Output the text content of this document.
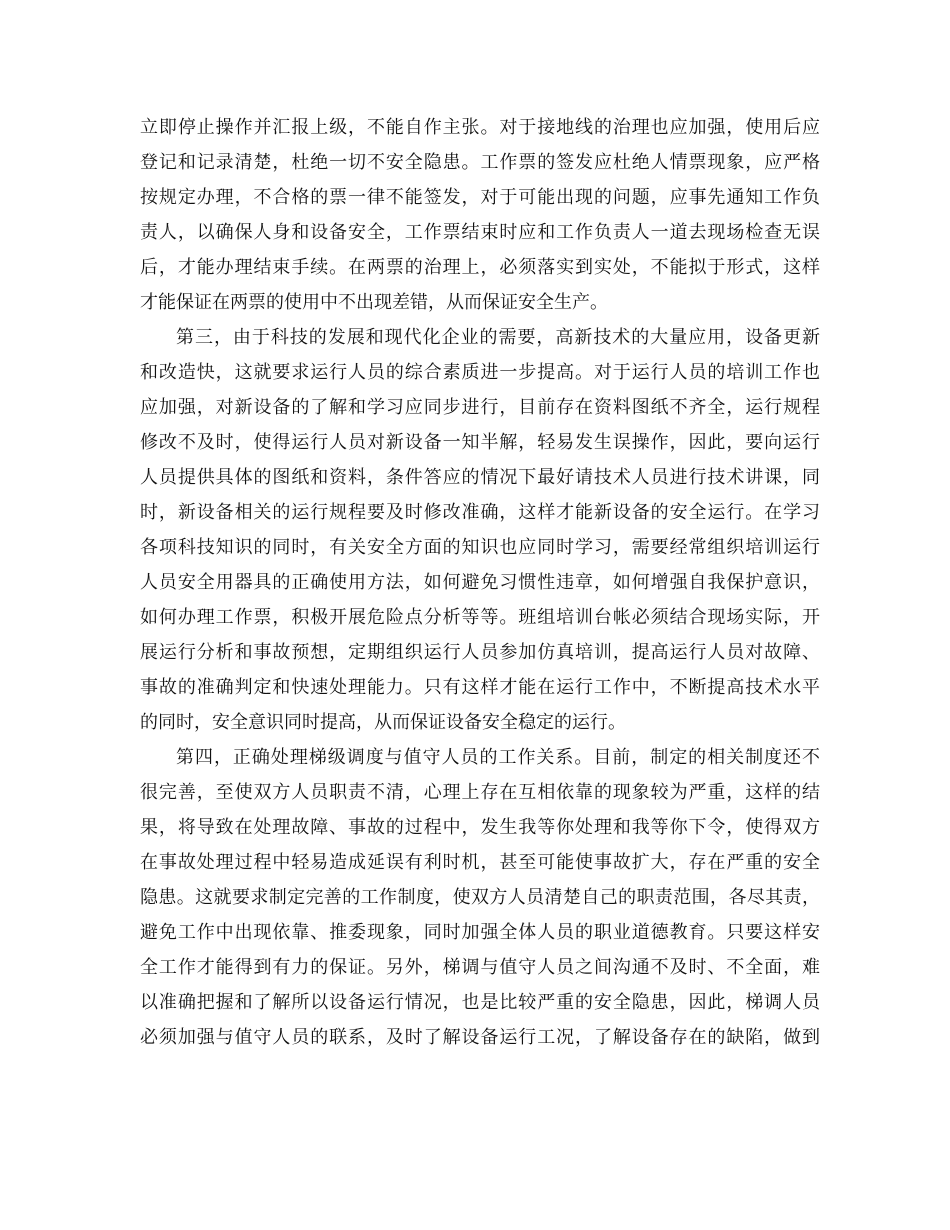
立即停止操作并汇报上级，不能自作主张。对于接地线的治理也应加强，使用后应
登记和记录清楚，杜绝一切不安全隐患。工作票的签发应杜绝人情票现象，应严格
按规定办理，不合格的票一律不能签发，对于可能出现的问题，应事先通知工作负
责人，以确保人身和设备安全，工作票结束时应和工作负责人一道去现场检查无误
后，才能办理结束手续。在两票的治理上，必须落实到实处，不能拟于形式，这样
才能保证在两票的使用中不出现差错，从而保证安全生产。
第三，由于科技的发展和现代化企业的需要，高新技术的大量应用，设备更新
和改造快，这就要求运行人员的综合素质进一步提高。对于运行人员的培训工作也
应加强，对新设备的了解和学习应同步进行，目前存在资料图纸不齐全，运行规程
修改不及时，使得运行人员对新设备一知半解，轻易发生误操作，因此，要向运行
人员提供具体的图纸和资料，条件答应的情况下最好请技术人员进行技术讲课，同
时，新设备相关的运行规程要及时修改准确，这样才能新设备的安全运行。在学习
各项科技知识的同时，有关安全方面的知识也应同时学习，需要经常组织培训运行
人员安全用器具的正确使用方法，如何避免习惯性违章，如何增强自我保护意识，
如何办理工作票，积极开展危险点分析等等。班组培训台帐必须结合现场实际，开
展运行分析和事故预想，定期组织运行人员参加仿真培训，提高运行人员对故障、
事故的准确判定和快速处理能力。只有这样才能在运行工作中，不断提高技术水平
的同时，安全意识同时提高，从而保证设备安全稳定的运行。
第四，正确处理梯级调度与值守人员的工作关系。目前，制定的相关制度还不
很完善，至使双方人员职责不清，心理上存在互相依靠的现象较为严重，这样的结
果，将导致在处理故障、事故的过程中，发生我等你处理和我等你下令，使得双方
在事故处理过程中轻易造成延误有利时机，甚至可能使事故扩大，存在严重的安全
隐患。这就要求制定完善的工作制度，使双方人员清楚自己的职责范围，各尽其责，
避免工作中出现依靠、推委现象，同时加强全体人员的职业道德教育。只要这样安
全工作才能得到有力的保证。另外，梯调与值守人员之间沟通不及时、不全面，难
以准确把握和了解所以设备运行情况，也是比较严重的安全隐患，因此，梯调人员
必须加强与值守人员的联系，及时了解设备运行工况，了解设备存在的缺陷，做到
